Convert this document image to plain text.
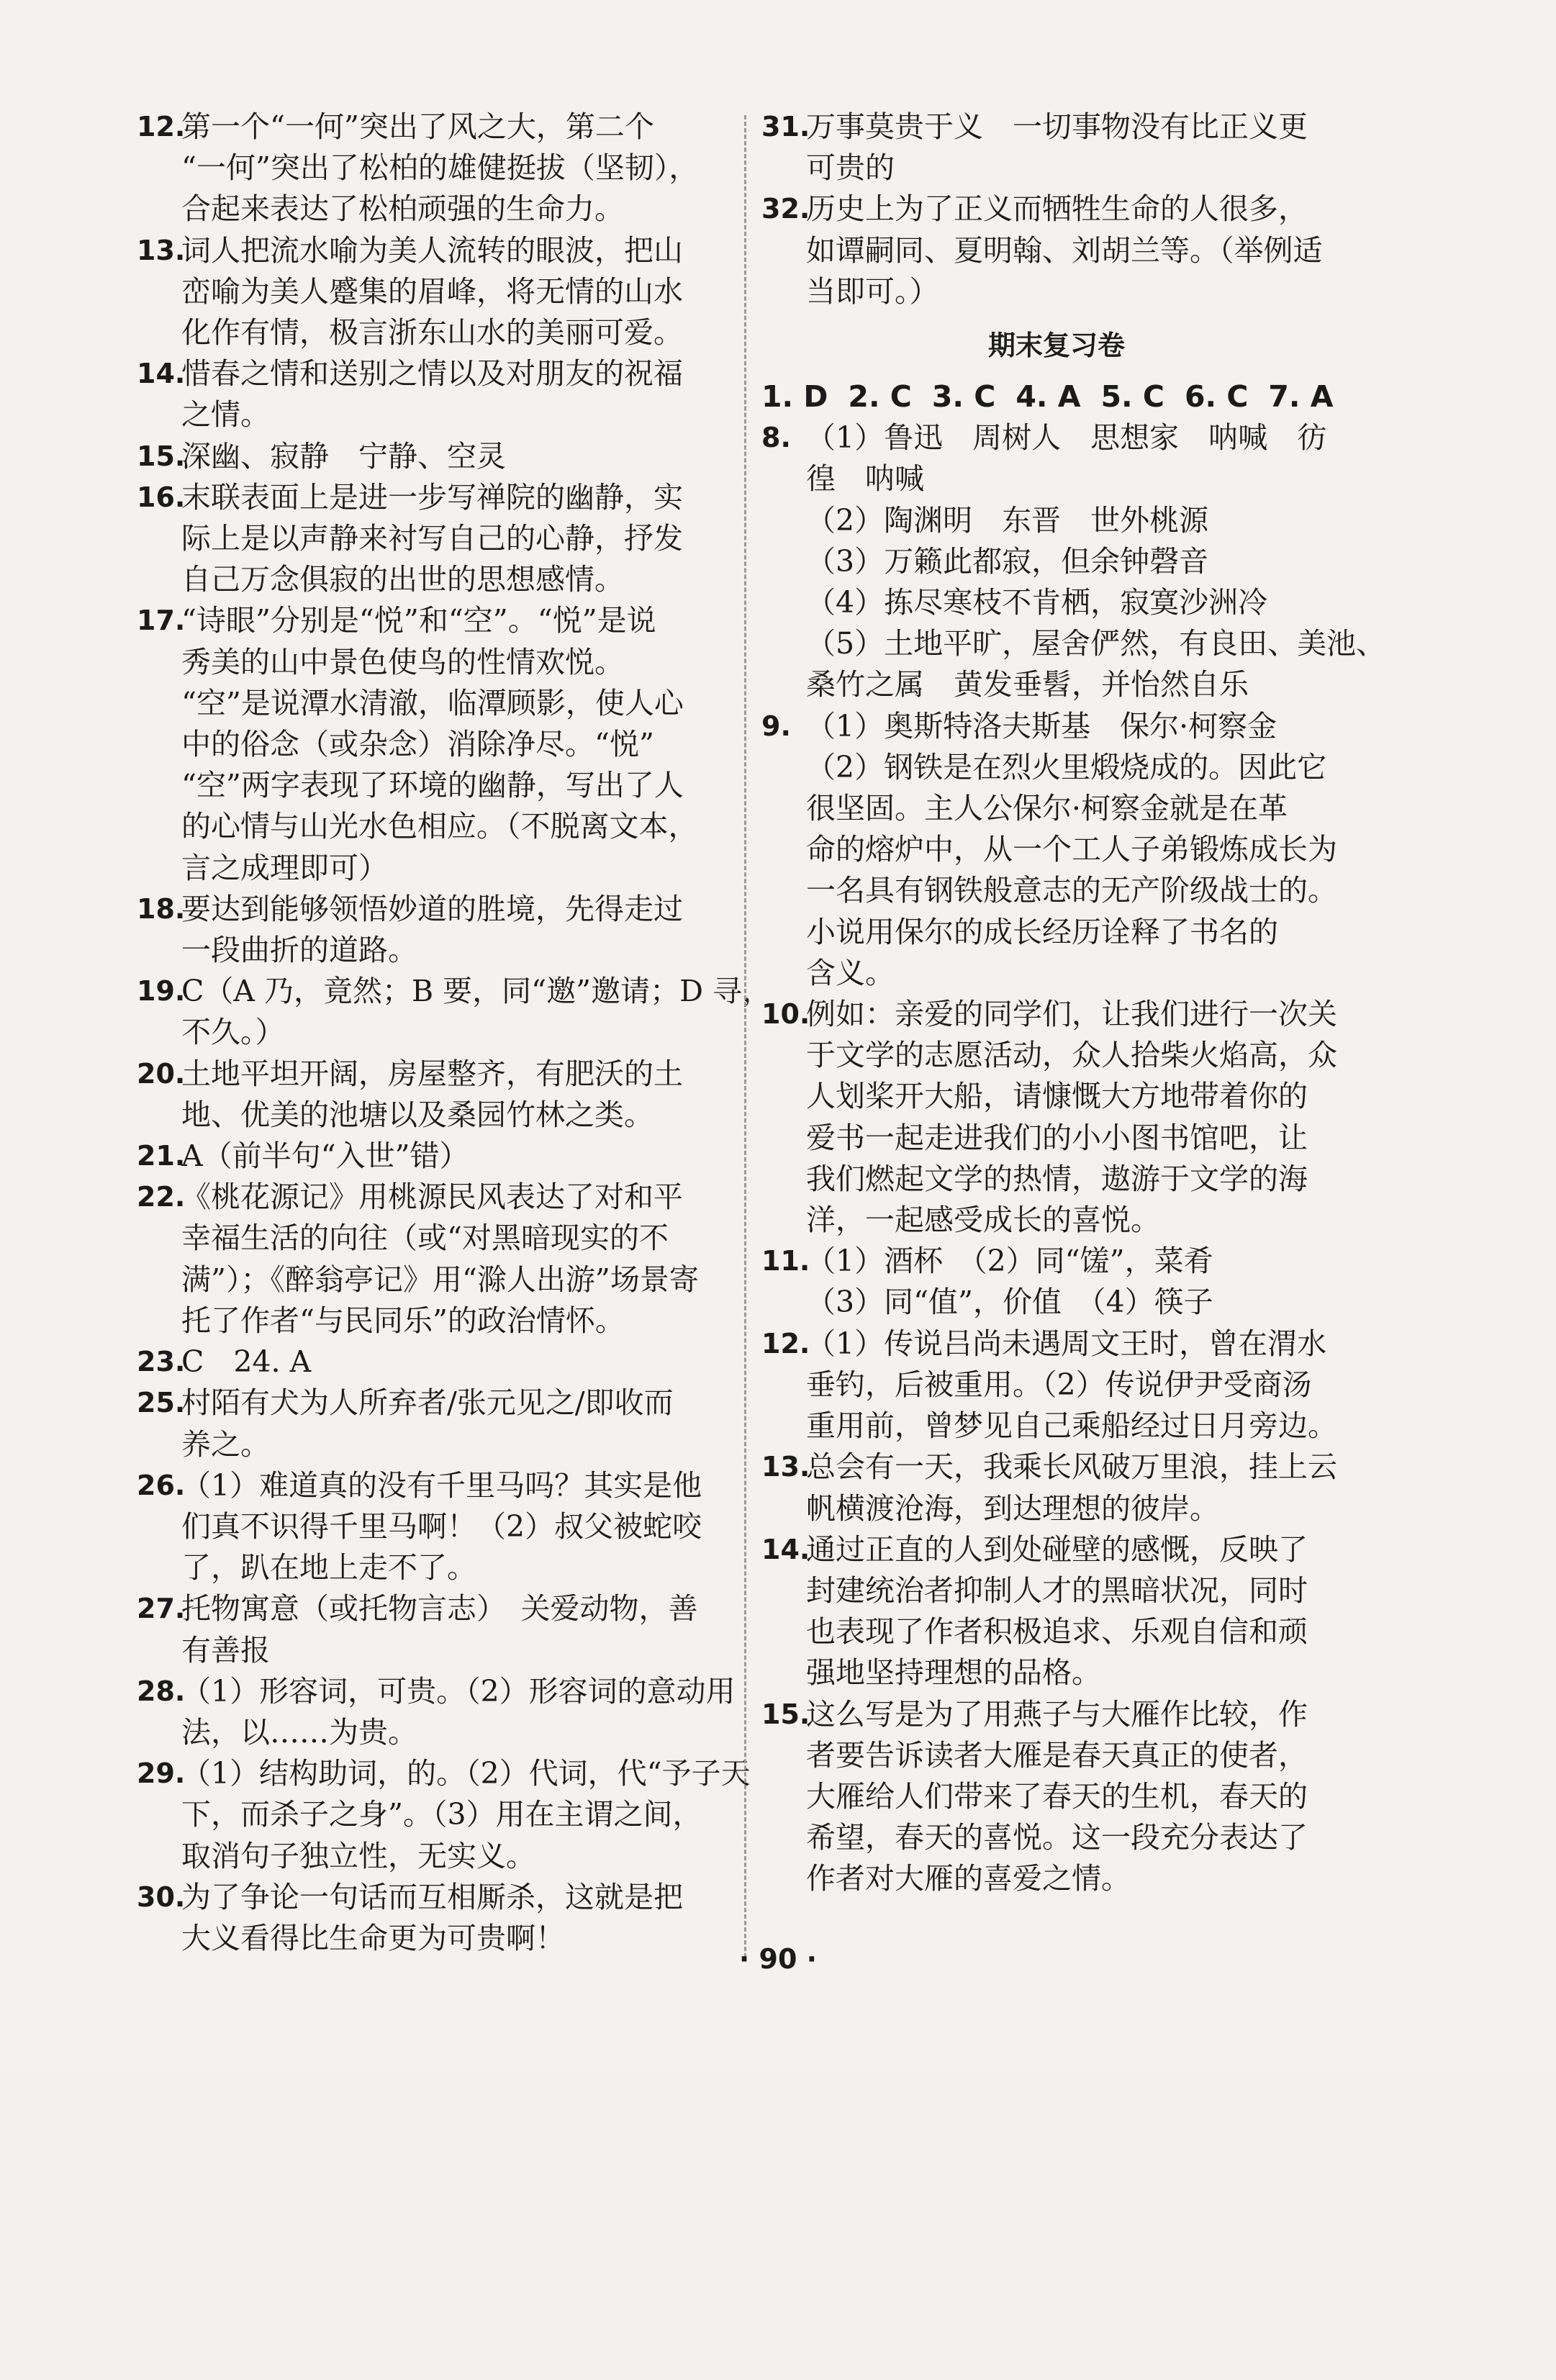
12.
第一个“一何”突出了风之大，第二个
“一何”突出了松柏的雄健挺拔（坚韧），
合起来表达了松柏顽强的生命力。
13.
词人把流水喻为美人流转的眼波，把山
峦喻为美人蹙集的眉峰，将无情的山水
化作有情，极言浙东山水的美丽可爱。
14.
惜春之情和送别之情以及对朋友的祝福
之情。
15.
深幽、寂静　宁静、空灵
16.
末联表面上是进一步写禅院的幽静，实
际上是以声静来衬写自己的心静，抒发
自己万念俱寂的出世的思想感情。
17.
“诗眼”分别是“悦”和“空”。“悦”是说
秀美的山中景色使鸟的性情欢悦。
“空”是说潭水清澈，临潭顾影，使人心
中的俗念（或杂念）消除净尽。“悦”
“空”两字表现了环境的幽静，写出了人
的心情与山光水色相应。（不脱离文本，
言之成理即可）
18.
要达到能够领悟妙道的胜境，先得走过
一段曲折的道路。
19.
C（A 乃，竟然；B 要，同“邀”邀请；D 寻，
不久。）
20.
土地平坦开阔，房屋整齐，有肥沃的土
地、优美的池塘以及桑园竹林之类。
21.
A（前半句“入世”错）
22.
《桃花源记》用桃源民风表达了对和平
幸福生活的向往（或“对黑暗现实的不
满”）；《醉翁亭记》用“滁人出游”场景寄
托了作者“与民同乐”的政治情怀。
23.
C　24. A
25.
村陌有犬为人所弃者/张元见之/即收而
养之。
26.
（1）难道真的没有千里马吗？其实是他
们真不识得千里马啊！（2）叔父被蛇咬
了，趴在地上走不了。
27.
托物寓意（或托物言志）　关爱动物，善
有善报
28.
（1）形容词，可贵。（2）形容词的意动用
法，以……为贵。
29.
（1）结构助词，的。（2）代词，代“予子天
下，而杀子之身”。（3）用在主谓之间，
取消句子独立性，无实义。
30.
为了争论一句话而互相厮杀，这就是把
大义看得比生命更为可贵啊！
31.
万事莫贵于义　一切事物没有比正义更
可贵的
32.
历史上为了正义而牺牲生命的人很多，
如谭嗣同、夏明翰、刘胡兰等。（举例适
当即可。）
期末复习卷
1. D 2. C 3. C 4. A 5. C 6. C 7. A
8. （1）鲁迅　周树人　思想家　呐喊　彷
徨　呐喊
（2）陶渊明　东晋　世外桃源
（3）万籁此都寂，但余钟磬音
（4）拣尽寒枝不肯栖，寂寞沙洲冷
（5）土地平旷，屋舍俨然，有良田、美池、
桑竹之属　黄发垂髫，并怡然自乐
9. （1）奥斯特洛夫斯基　保尔·柯察金
（2）钢铁是在烈火里煅烧成的。因此它
很坚固。主人公保尔·柯察金就是在革
命的熔炉中，从一个工人子弟锻炼成长为
一名具有钢铁般意志的无产阶级战士的。
小说用保尔的成长经历诠释了书名的
含义。
10.
例如：亲爱的同学们，让我们进行一次关
于文学的志愿活动，众人拾柴火焰高，众
人划桨开大船，请慷慨大方地带着你的
爱书一起走进我们的小小图书馆吧，让
我们燃起文学的热情，遨游于文学的海
洋，一起感受成长的喜悦。
11.
（1）酒杯　（2）同“馐”，菜肴
（3）同“值”，价值　（4）筷子
12.
（1）传说吕尚未遇周文王时，曾在渭水
垂钓，后被重用。（2）传说伊尹受商汤
重用前，曾梦见自己乘船经过日月旁边。
13.
总会有一天，我乘长风破万里浪，挂上云
帆横渡沧海，到达理想的彼岸。
14.
通过正直的人到处碰壁的感慨，反映了
封建统治者抑制人才的黑暗状况，同时
也表现了作者积极追求、乐观自信和顽
强地坚持理想的品格。
15.
这么写是为了用燕子与大雁作比较，作
者要告诉读者大雁是春天真正的使者，
大雁给人们带来了春天的生机，春天的
希望，春天的喜悦。这一段充分表达了
作者对大雁的喜爱之情。
· 90 ·
